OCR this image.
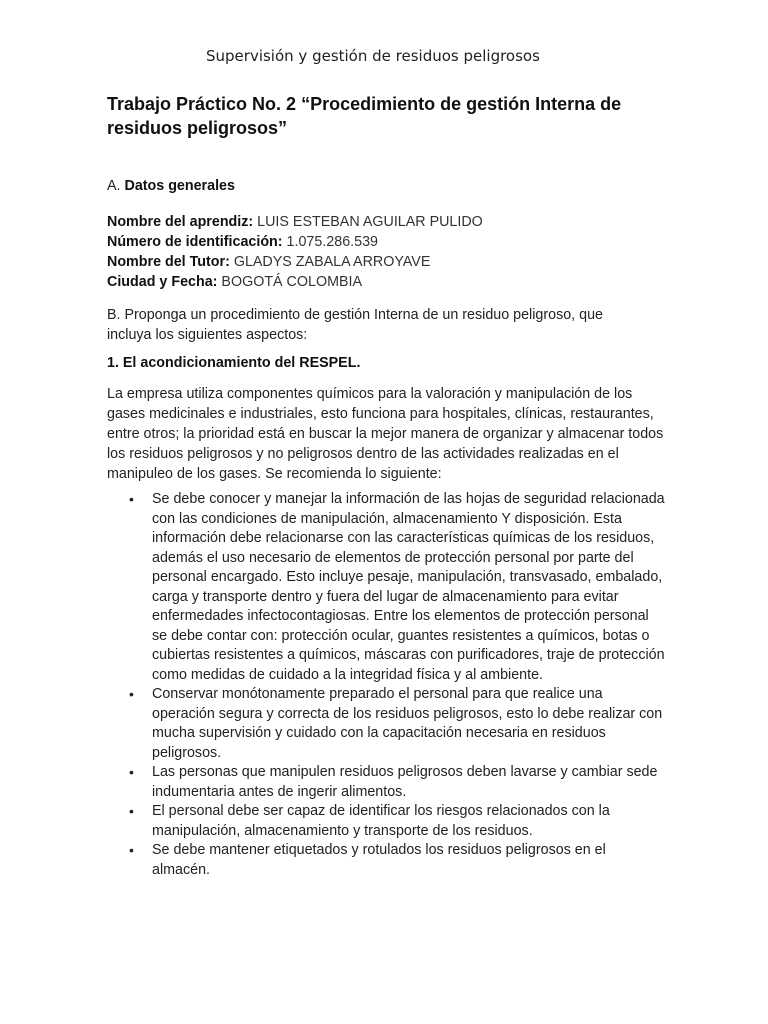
Supervisión y gestión de residuos peligrosos
Trabajo Práctico No. 2 “Procedimiento de gestión Interna de residuos peligrosos”
A. Datos generales
Nombre del aprendiz: LUIS ESTEBAN AGUILAR PULIDO
Número de identificación: 1.075.286.539
Nombre del Tutor: GLADYS ZABALA ARROYAVE
Ciudad y Fecha: BOGOTÁ COLOMBIA
B. Proponga un procedimiento de gestión Interna de un residuo peligroso, que incluya los siguientes aspectos:
1. El acondicionamiento del RESPEL.
La empresa utiliza componentes químicos para la valoración y manipulación de los gases medicinales e industriales, esto funciona para hospitales, clínicas, restaurantes, entre otros; la prioridad está en buscar la mejor manera de organizar y almacenar todos los residuos peligrosos y no peligrosos dentro de las actividades realizadas en el manipuleo de los gases. Se recomienda lo siguiente:
• Se debe conocer y manejar la información de las hojas de seguridad relacionada con las condiciones de manipulación, almacenamiento Y disposición. Esta información debe relacionarse con las características químicas de los residuos, además el uso necesario de elementos de protección personal por parte del personal encargado. Esto incluye pesaje, manipulación, transvasado, embalado, carga y transporte dentro y fuera del lugar de almacenamiento para evitar enfermedades infectocontagiosas. Entre los elementos de protección personal se debe contar con: protección ocular, guantes resistentes a químicos, botas o cubiertas resistentes a químicos, máscaras con purificadores, traje de protección como medidas de cuidado a la integridad física y al ambiente.
• Conservar monótonamente preparado el personal para que realice una operación segura y correcta de los residuos peligrosos, esto lo debe realizar con mucha supervisión y cuidado con la capacitación necesaria en residuos peligrosos.
• Las personas que manipulen residuos peligrosos deben lavarse y cambiar sede indumentaria antes de ingerir alimentos.
• El personal debe ser capaz de identificar los riesgos relacionados con la manipulación, almacenamiento y transporte de los residuos.
• Se debe mantener etiquetados y rotulados los residuos peligrosos en el almacén.
